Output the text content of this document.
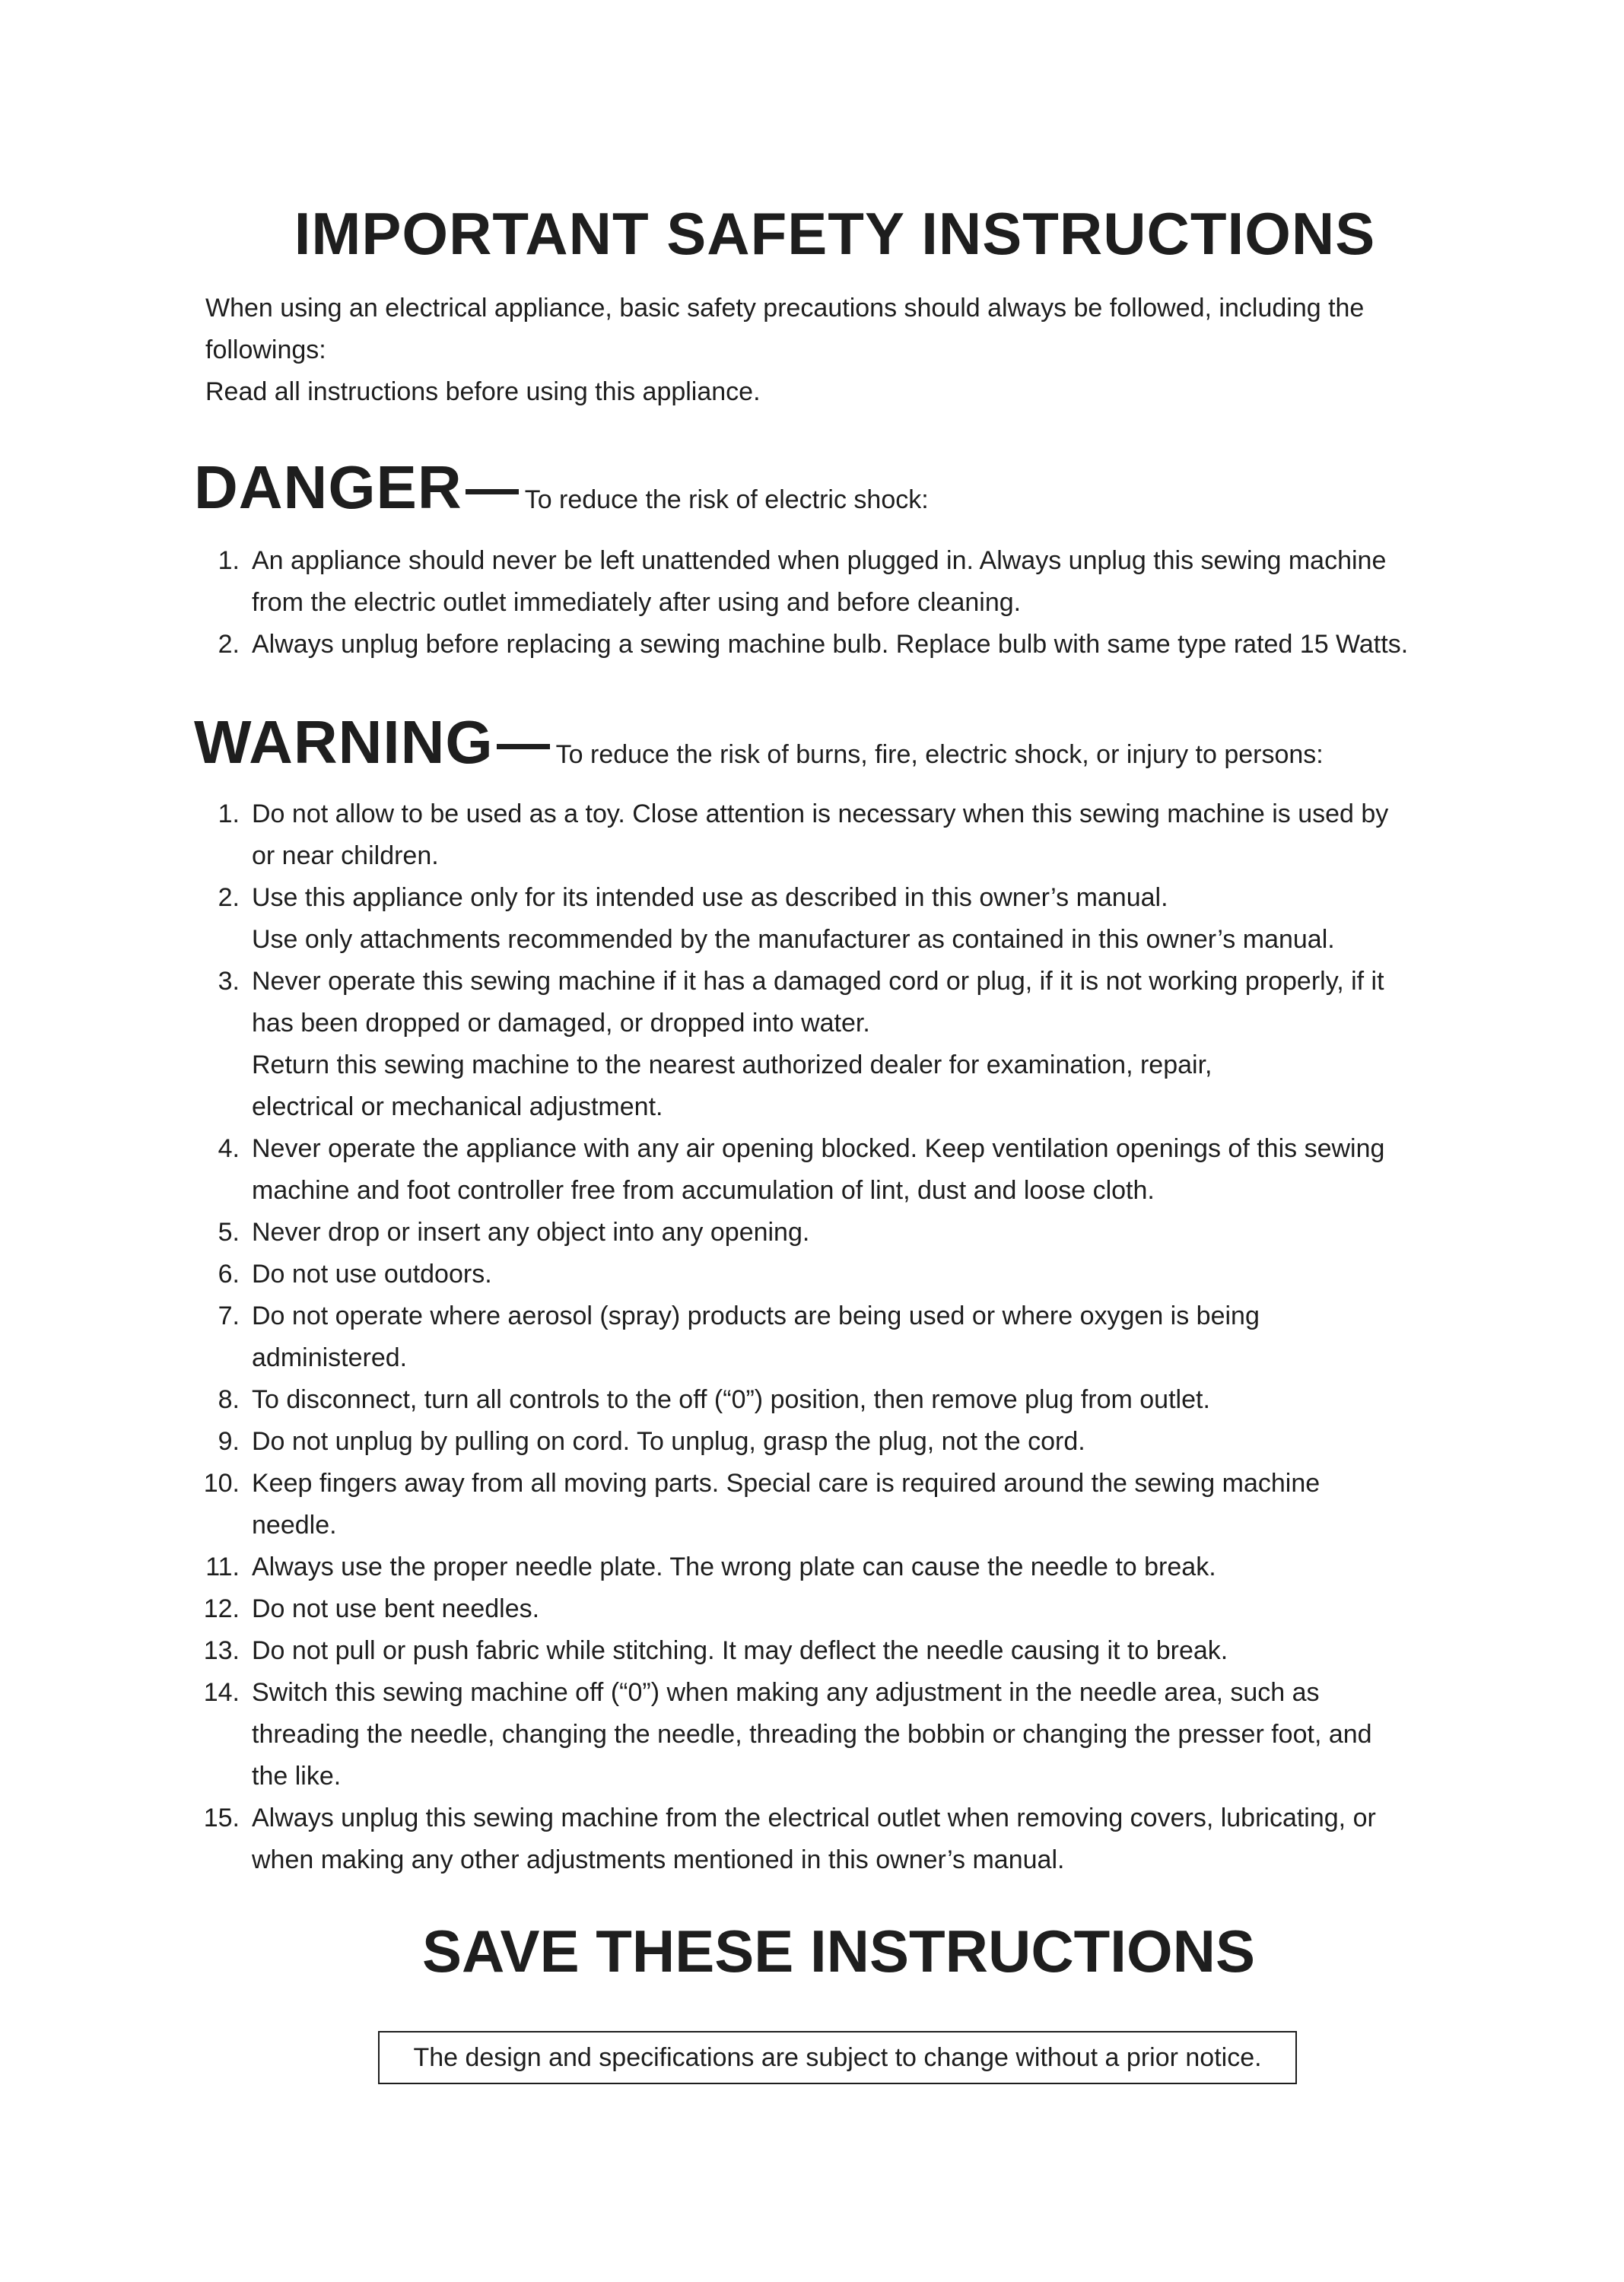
IMPORTANT SAFETY INSTRUCTIONS

When using an electrical appliance, basic safety precautions should always be followed, including the

followings:

Read all instructions before using this appliance.

DANGER To reduce the risk of electric shock:
1. An appliance should never be left unattended when plugged in. Always unplug this sewing machine
from the electric outlet immediately after using and before cleaning.
2. Always unplug before replacing a sewing machine bulb. Replace bulb with same type rated 15 Watts.
WARNING To reduce the risk of burns, fire, electric shock, or injury to persons:
1. Do not allow to be used as a toy. Close attention is necessary when this sewing machine is used by
or near children.
2. Use this appliance only for its intended use as described in this owner’s manual.
Use only attachments recommended by the manufacturer as contained in this owner’s manual.
3. Never operate this sewing machine if it has a damaged cord or plug, if it is not working properly, if it
has been dropped or damaged, or dropped into water.
Return this sewing machine to the nearest authorized dealer for examination, repair,
electrical or mechanical adjustment.
4. Never operate the appliance with any air opening blocked. Keep ventilation openings of this sewing
machine and foot controller free from accumulation of lint, dust and loose cloth.
5. Never drop or insert any object into any opening.
6. Do not use outdoors.
7. Do not operate where aerosol (spray) products are being used or where oxygen is being
administered.
8. To disconnect, turn all controls to the off (“0”) position, then remove plug from outlet.
9. Do not unplug by pulling on cord. To unplug, grasp the plug, not the cord.
10. Keep fingers away from all moving parts. Special care is required around the sewing machine
needle.
11. Always use the proper needle plate. The wrong plate can cause the needle to break.
12. Do not use bent needles.
13. Do not pull or push fabric while stitching. It may deflect the needle causing it to break.
14. Switch this sewing machine off (“0”) when making any adjustment in the needle area, such as
threading the needle, changing the needle, threading the bobbin or changing the presser foot, and
the like.
15. Always unplug this sewing machine from the electrical outlet when removing covers, lubricating, or
when making any other adjustments mentioned in this owner’s manual.
SAVE THESE INSTRUCTIONS
The design and specifications are subject to change without a prior notice.
